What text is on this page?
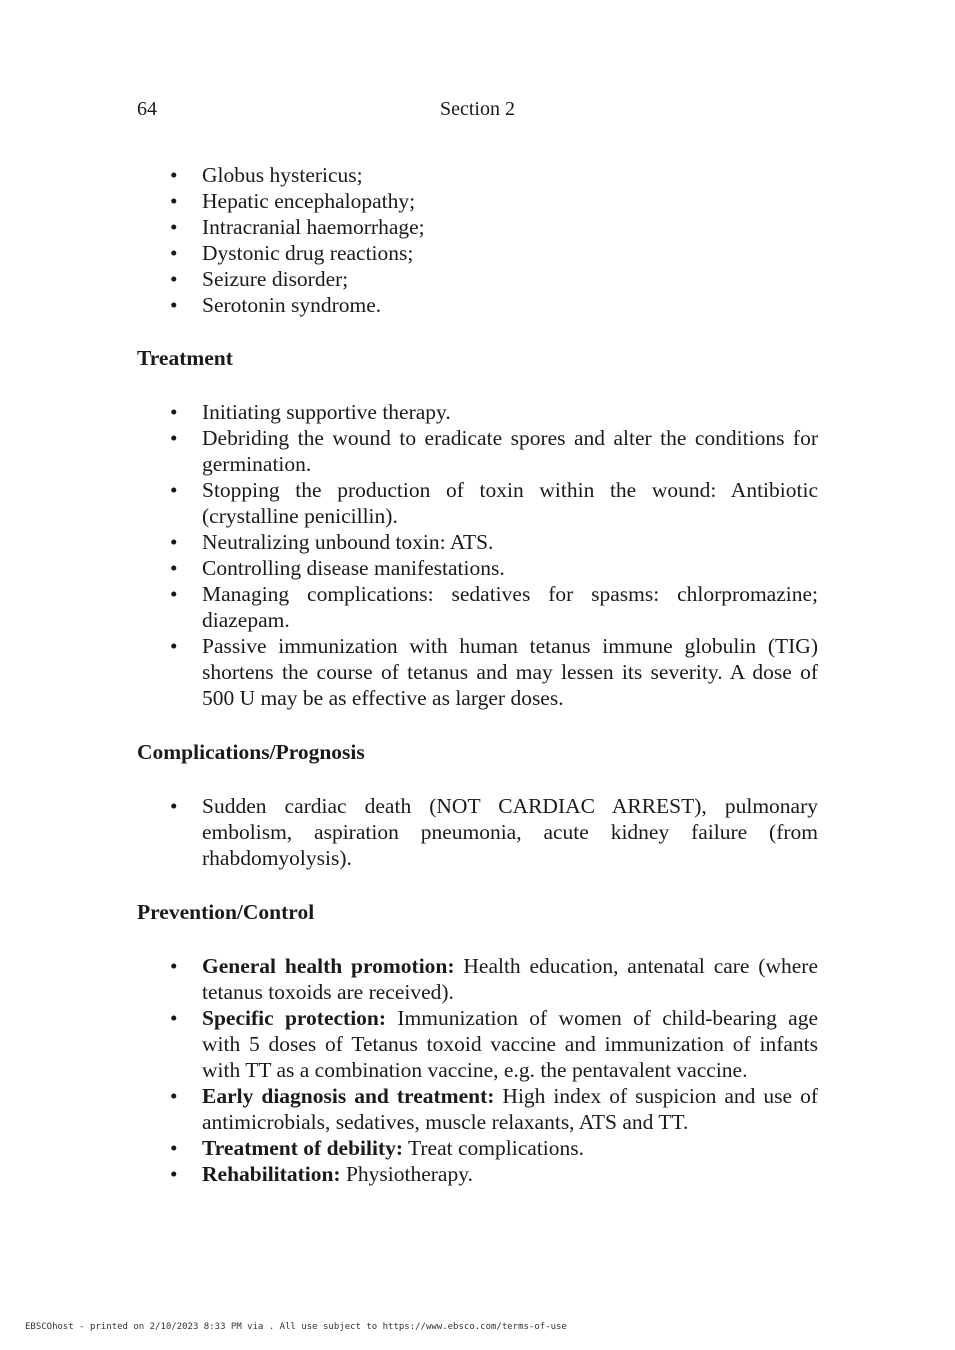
64	Section 2
• Globus hystericus;
• Hepatic encephalopathy;
• Intracranial haemorrhage;
• Dystonic drug reactions;
• Seizure disorder;
• Serotonin syndrome.
Treatment
• Initiating supportive therapy.
• Debriding the wound to eradicate spores and alter the conditions for germination.
• Stopping the production of toxin within the wound: Antibiotic (crystalline penicillin).
• Neutralizing unbound toxin: ATS.
• Controlling disease manifestations.
• Managing complications: sedatives for spasms: chlorpromazine; diazepam.
• Passive immunization with human tetanus immune globulin (TIG) shortens the course of tetanus and may lessen its severity. A dose of 500 U may be as effective as larger doses.
Complications/Prognosis
• Sudden cardiac death (NOT CARDIAC ARREST), pulmonary embolism, aspiration pneumonia, acute kidney failure (from rhabdomyolysis).
Prevention/Control
• General health promotion: Health education, antenatal care (where tetanus toxoids are received).
• Specific protection: Immunization of women of child-bearing age with 5 doses of Tetanus toxoid vaccine and immunization of infants with TT as a combination vaccine, e.g. the pentavalent vaccine.
• Early diagnosis and treatment: High index of suspicion and use of antimicrobials, sedatives, muscle relaxants, ATS and TT.
• Treatment of debility: Treat complications.
• Rehabilitation: Physiotherapy.
EBSCOhost - printed on 2/10/2023 8:33 PM via . All use subject to https://www.ebsco.com/terms-of-use
